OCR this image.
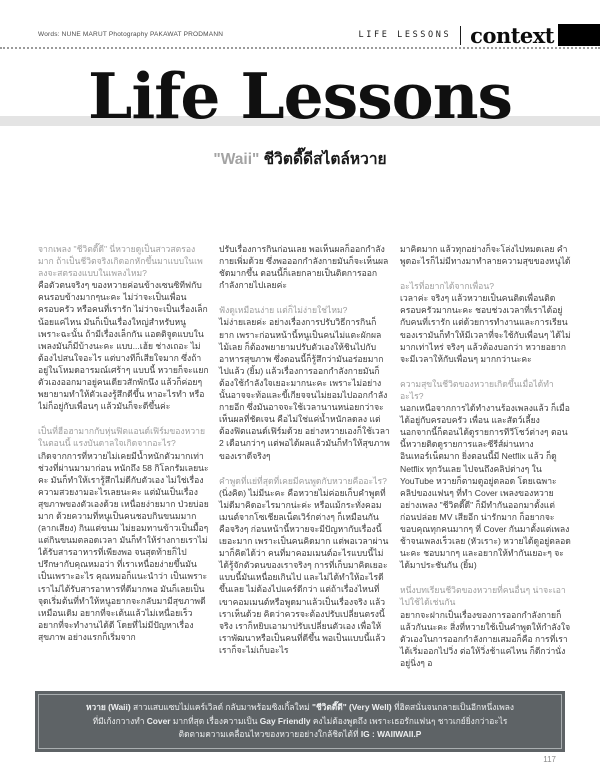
Words: NUNE MARUT Photography PAKAWAT PRODMANN	LIFE LESSONS context
Life Lessons
"Waii" ชีวิตดี๊ดีสไตล์หวาย

จากเพลง "ชีวิตดี๊ดี" นี่หวายดูเป็นสาวสตรองมาก ถ้าเป็นชีวิตจริงเกิดอกหักขึ้นมาแบบในเพลงจะสตรองแบบในเพลงไหม?

คือตัวตนจริงๆ ของหวายค่อนข้างเซนซิทีฟกับคนรอบข้างมากๆนะคะ ไม่ว่าจะเป็นเพื่อน ครอบครัว หรือคนที่เรารัก ไม่ว่าจะเป็นเรื่องเล็กน้อยแค่ไหน มันก็เป็นเรื่องใหญ่สำหรับหนู เพราะฉะนั้น ถ้ามีเรื่องเล็กกัน แอดติจูดแบบในเพลงมันก็มีบ้างนะคะ แบบ...เฮ้ย ช่างเถอะ ไม่ต้องไปสนใจอะไร แต่บางทีก็เสียใจมาก ซึ่งถ้าอยู่ในโหมดอารมณ์เศร้าๆ แบบนี้ หวายก็จะแยกตัวเองออกมาอยู่คนเดียวสักพักนึง แล้วก็ค่อยๆ พยายามทำให้ตัวเองรู้สึกดีขึ้น หาอะไรทำ หรือไม่ก็อยู่กับเพื่อนๆ แล้วมันก็จะดีขึ้นค่ะ

เป็นที่ฮือฮามากกับหุ่นฟิตแอนด์เฟิร์มของหวายในตอนนี้ แรงบันดาลใจเกิดจากอะไร?

เกิดจากการที่หวายไม่เคยมีน้ำหนักตัวมากเท่าช่วงที่ผ่านมามาก่อน หนักถึง 58 กิโลกรัมเลยนะคะ มันก็ทำให้เรารู้สึกไม่ดีกับตัวเอง ไม่ใช่เรื่องความสวยงามอะไรเลยนะคะ แต่มันเป็นเรื่องสุขภาพของตัวเองด้วย เหนื่อยง่ายมาก ป่วยบ่อยมาก ด้วยความที่หนูเป็นคนชอบกินขนมมาก (ลากเสียง) กินแต่ขนม ไม่ยอมทานข้าวเป็นมื้อๆ แต่กินขนมตลอดเวลา มันก็ทำให้ร่างกายเราไม่ได้รับสารอาหารที่เพียงพอ จนสุดท้ายก็ไปปรึกษากับคุณหมอว่า ที่เราเหนื่อยง่ายขึ้นมันเป็นเพราะอะไร คุณหมอก็แนะนำว่า เป็นเพราะเราไม่ได้รับสารอาหารที่ดีมากพอ มันก็เลยเป็นจุดเริ่มต้นที่ทำให้หนูอยากจะกลับมามีสุขภาพดีเหมือนเดิม อยากที่จะเต้นแล้วไม่เหนื่อยเร็ว อยากที่จะทำงานได้ดี โดยที่ไม่มีปัญหาเรื่องสุขภาพ อย่างแรกก็เริ่มจาก

ปรับเรื่องการกินก่อนเลย พอเห็นผลก็ออกกำลังกายเพิ่มด้วย ซึ่งพอออกกำลังกายมันก็จะเห็นผลชัดมากขึ้น ตอนนี้ก็เลยกลายเป็นติดการออกกำลังกายไปเลยค่ะ

ฟังดูเหมือนง่าย แต่ก็ไม่ง่ายใช่ไหม?

ไม่ง่ายเลยค่ะ อย่างเรื่องการปรับวิธีการกินก็ยาก เพราะก่อนหน้านี้หนูเป็นคนไม่แตะผักผลไม้เลย ก็ต้องพยายามปรับตัวเองให้ชินไปกับอาหารสุขภาพ ซึ่งตอนนี้ก็รู้สึกว่ามันอร่อยมากไปแล้ว (ยิ้ม) แล้วเรื่องการออกกำลังกายมันก็ต้องใช้กำลังใจเยอะมากนะคะ เพราะไม่อย่างนั้นอาจจะท้อและขี้เกียจจนไม่ยอมไปออกกำลังกายอีก ซึ่งมันอาจจะใช้เวลานานหน่อยกว่าจะเห็นผลที่ชัดเจน คือไม่ใช่แค่น้ำหนักลดลง แต่ต้องฟิตแอนด์เฟิร์มด้วย อย่างหวายเองก็ใช้เวลา 2 เดือนกว่าๆ แต่พอได้ผลแล้วมันก็ทำให้สุขภาพของเราดีจริงๆ

คำพูดที่แย่ที่สุดที่เคยมีคนพูดกับหวายคืออะไร?

(นิ่งคิด) ไม่มีนะคะ คือหวายไม่ค่อยเก็บคำพูดที่ไม่ดีมาคิดอะไรมากน่ะค่ะ หรือแม้กระทั่งคอมเมนต์จากโซเชียลเน็ตเวิร์กต่างๆ ก็เหมือนกัน คือจริงๆ ก่อนหน้านี้หวายจะมีปัญหากับเรื่องนี้เยอะมาก เพราะเป็นคนคิดมาก แต่พอเวลาผ่านมาก็คิดได้ว่า คนที่มาคอมเมนต์อะไรแบบนี้ไม่ได้รู้จักตัวตนของเราจริงๆ การที่เก็บมาคิดเยอะแบบนี้มันเหนื่อยเกินไป และไม่ได้ทำให้อะไรดีขึ้นเลย ไม่ต้องไปแคร์ดีกว่า แต่ถ้าเรื่องไหนที่เขาคอมเมนต์หรือพูดมาแล้วเป็นเรื่องจริง แล้วเราเห็นด้วย คิดว่าควรจะต้องปรับเปลี่ยนตรงนี้จริง เราก็หยิบเอามาปรับเปลี่ยนตัวเอง เพื่อให้เราพัฒนาหรือเป็นคนที่ดีขึ้น พอเป็นแบบนี้แล้ว เราก็จะไม่เก็บอะไร

มาคิดมาก แล้วทุกอย่างก็จะโล่งไปหมดเลย คำพูดอะไรก็ไม่มีทางมาทำลายความสุขของหนูได้

อะไรที่อยากได้จากเพื่อน?

เวลาค่ะ จริงๆ แล้วหวายเป็นคนติดเพื่อนติดครอบครัวมากนะคะ ชอบช่วงเวลาที่เราได้อยู่กับคนที่เรารัก แต่ด้วยการทำงานและการเรียนของเรามันก็ทำให้มีเวลาที่จะใช้กับเพื่อนๆ ได้ไม่มากเท่าไหร่ จริงๆ แล้วต้องบอกว่า หวายอยากจะมีเวลาให้กับเพื่อนๆ มากกว่านะคะ

ความสุขในชีวิตของหวายเกิดขึ้นเมื่อได้ทำอะไร?

นอกเหนือจากการได้ทำงานร้องเพลงแล้ว ก็เมื่อได้อยู่กับครอบครัว เพื่อน และสัตว์เลี้ยง นอกจากนี้ก็ตอนได้ดูรายการทีวีโชว์ต่างๆ ตอนนี้หวายติดดูรายการและซีรีส์ผ่านทางอินเทอร์เน็ตมาก ยิ่งตอนนี้มี Netflix แล้ว ก็ดู Netflix ทุกวันเลย ไปจนถึงคลิปต่างๆ ใน YouTube หวายก็ตามดูอยู่ตลอด โดยเฉพาะคลิปของแฟนๆ ที่ทำ Cover เพลงของหวาย อย่างเพลง "ชีวิตดี๊ดี" ก็มีทำกันออกมาตั้งแต่ก่อนปล่อย MV เสียอีก น่ารักมาก ก็อยากจะขอบคุณทุกคนมากๆ ที่ Cover กันมาตั้งแต่เพลงช้าจนเพลงเร็วเลย (หัวเราะ) หวายได้ดูอยู่ตลอดนะคะ ชอบมากๆ และอยากให้ทำกันเยอะๆ จะได้มาประชันกัน (ยิ้ม)

หนึ่งบทเรียนชีวิตของหวายที่คนอื่นๆ น่าจะเอาไปใช้ได้เช่นกัน

อยากจะฝากเป็นเรื่องของการออกกำลังกายก็แล้วกันนะคะ สิ่งที่หวายใช้เป็นคำพูดให้กำลังใจตัวเองในการออกกำลังกายเสมอก็คือ การที่เราได้เริ่มออกไปวิ่ง ต่อให้วิ่งช้าแค่ไหน ก็ดีกว่านั่งอยู่นิ่งๆ อ

หวาย (Waii) สาวแสบแซบไม่แคร์เวิลด์ กลับมาพร้อมซิงเกิ้ลใหม่ "ชีวิตดี๊ดี" (Very Well) ที่ฮิตสนั่นจนกลายเป็นอีกหนึ่งเพลง
ที่มีเก้งกวางทำ Cover มากที่สุด เรื่องความเป็น Gay Friendly คงไม่ต้องพูดถึง เพราะเธอรักแฟนๆ ชาวเกย์ยิ่งกว่าอะไร
ติดตามความเคลื่อนไหวของหวายอย่างใกล้ชิดได้ที่ IG : WAIIWAII.P
117
